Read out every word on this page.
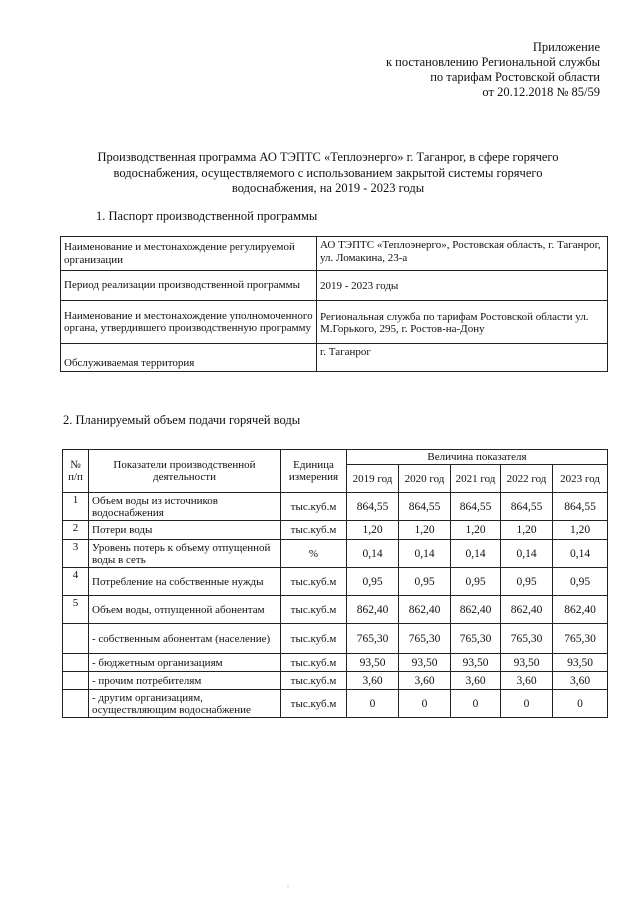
Приложение
к постановлению Региональной службы
по тарифам Ростовской области
от 20.12.2018 № 85/59
Производственная программа АО ТЭПТС «Теплоэнерго» г. Таганрог, в сфере горячего водоснабжения, осуществляемого с использованием закрытой системы горячего водоснабжения, на 2019 - 2023 годы
1. Паспорт производственной программы
Наименование и местонахождение регулируемой организации	АО ТЭПТС «Теплоэнерго», Ростовская область, г. Таганрог, ул. Ломакина, 23-а
Период реализации производственной программы	2019 - 2023 годы
Наименование и местонахождение уполномоченного органа, утвердившего производственную программу	Региональная служба по тарифам Ростовской области ул. М.Горького, 295, г. Ростов-на-Дону
Обслуживаемая территория	г. Таганрог
2. Планируемый объем подачи горячей воды
№ п/п	Показатели производственной деятельности	Единица измерения	Величина показателя				
			2019 год	2020 год	2021 год	2022 год	2023 год
1	Объем воды из источников водоснабжения	тыс.куб.м	864,55	864,55	864,55	864,55	864,55
2	Потери воды	тыс.куб.м	1,20	1,20	1,20	1,20	1,20
3	Уровень потерь к объему отпущенной воды в сеть	%	0,14	0,14	0,14	0,14	0,14
4	Потребление на собственные нужды	тыс.куб.м	0,95	0,95	0,95	0,95	0,95
5	Объем воды, отпущенной абонентам	тыс.куб.м	862,40	862,40	862,40	862,40	862,40
	- собственным абонентам (население)	тыс.куб.м	765,30	765,30	765,30	765,30	765,30
	- бюджетным организациям	тыс.куб.м	93,50	93,50	93,50	93,50	93,50
	- прочим потребителям	тыс.куб.м	3,60	3,60	3,60	3,60	3,60
	- другим организациям, осуществляющим водоснабжение	тыс.куб.м	0	0	0	0	0
.
